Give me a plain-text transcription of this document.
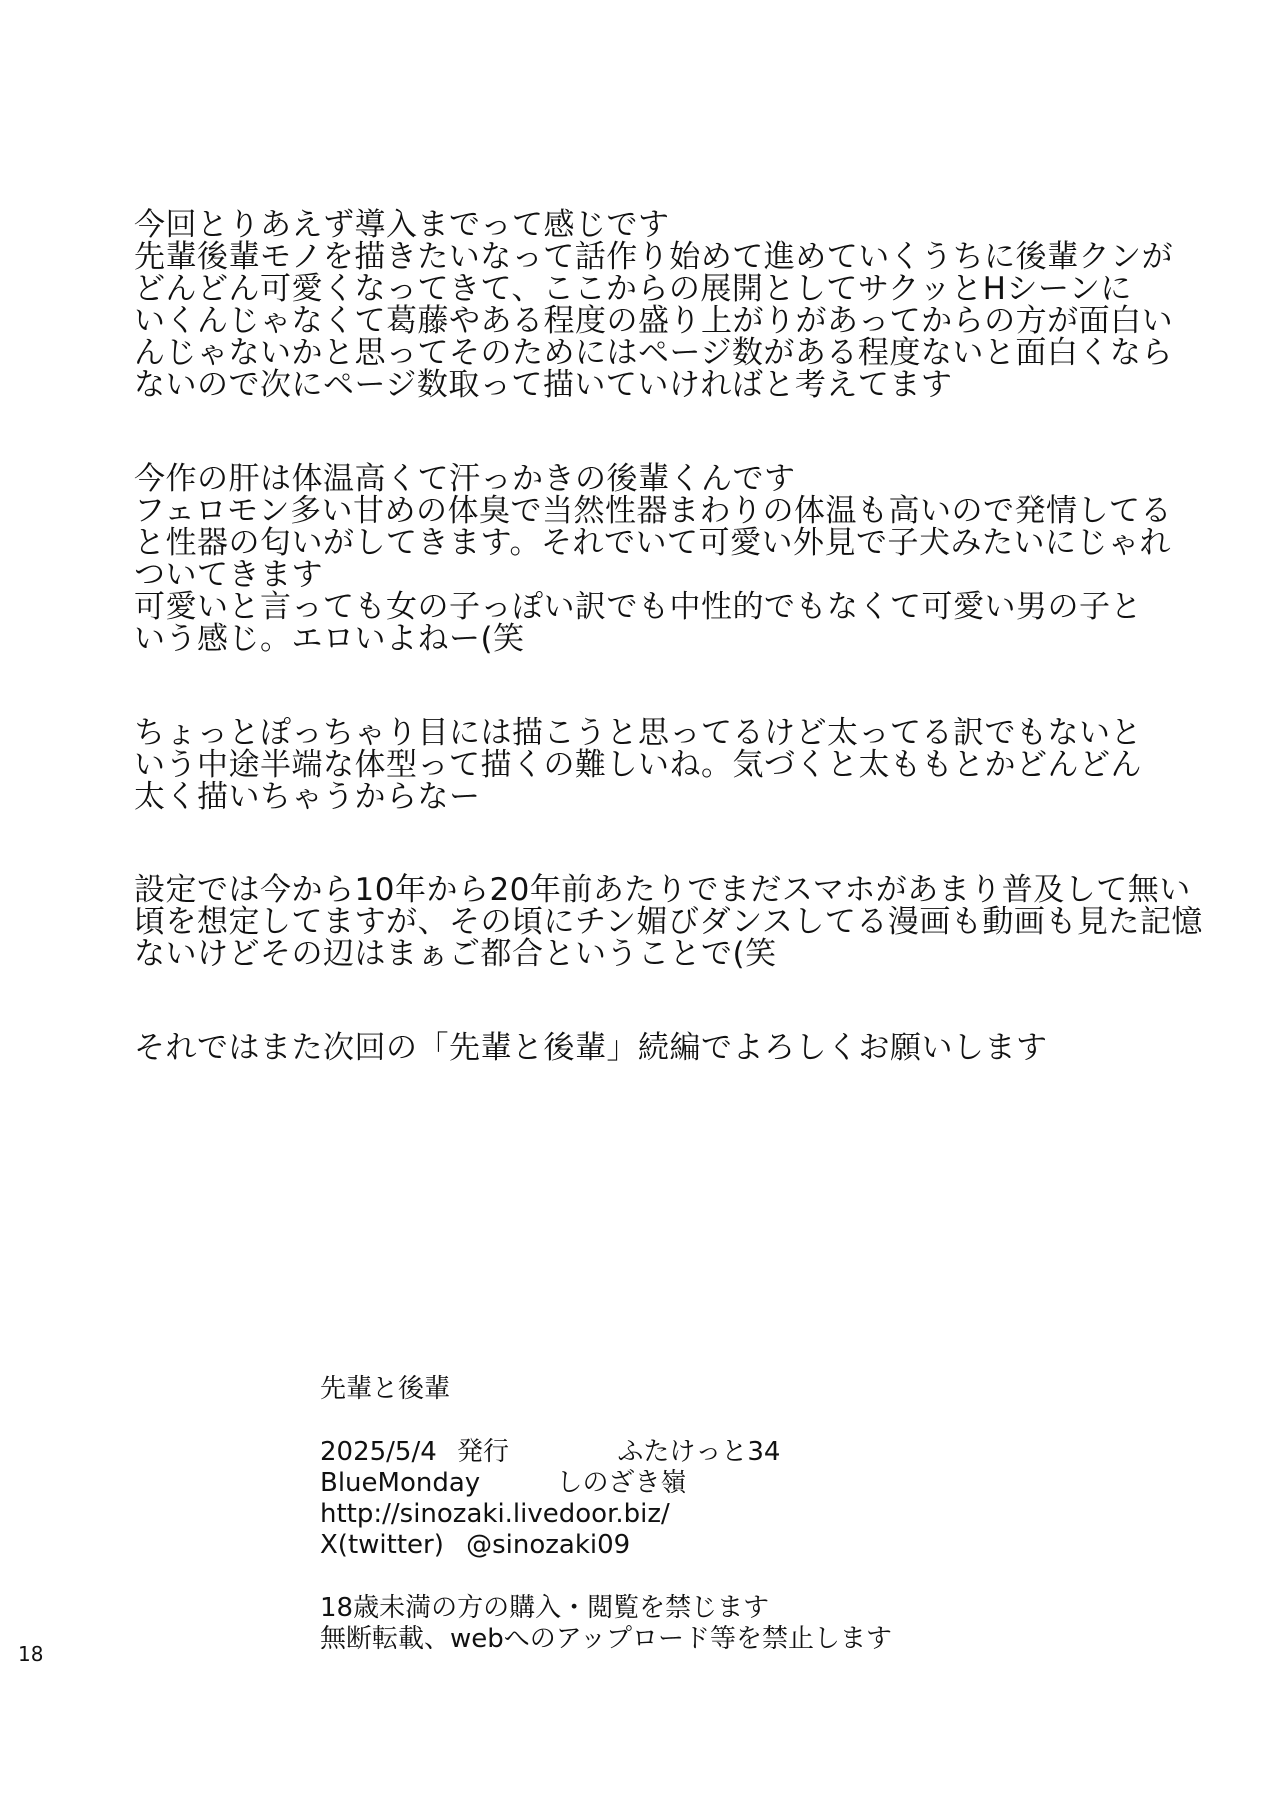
今回とりあえず導入までって感じです
先輩後輩モノを描きたいなって話作り始めて進めていくうちに後輩クンが
どんどん可愛くなってきて、ここからの展開としてサクッとHシーンに
いくんじゃなくて葛藤やある程度の盛り上がりがあってからの方が面白い
んじゃないかと思ってそのためにはページ数がある程度ないと面白くなら
ないので次にページ数取って描いていければと考えてます
今作の肝は体温高くて汗っかきの後輩くんです
フェロモン多い甘めの体臭で当然性器まわりの体温も高いので発情してる
と性器の匂いがしてきます。それでいて可愛い外見で子犬みたいにじゃれ
ついてきます
可愛いと言っても女の子っぽい訳でも中性的でもなくて可愛い男の子と
いう感じ。エロいよねー(笑
ちょっとぽっちゃり目には描こうと思ってるけど太ってる訳でもないと
いう中途半端な体型って描くの難しいね。気づくと太ももとかどんどん
太く描いちゃうからなー
設定では今から10年から20年前あたりでまだスマホがあまり普及して無い
頃を想定してますが、その頃にチン媚びダンスしてる漫画も動画も見た記憶
ないけどその辺はまぁご都合ということで(笑
それではまた次回の「先輩と後輩」続編でよろしくお願いします
先輩と後輩
2025/5/4 発行	ふたけっと34
BlueMonday	しのざき嶺
http://sinozaki.livedoor.biz/
X(twitter) @sinozaki09
18歳未満の方の購入・閲覧を禁じます
無断転載、webへのアップロード等を禁止します
18
